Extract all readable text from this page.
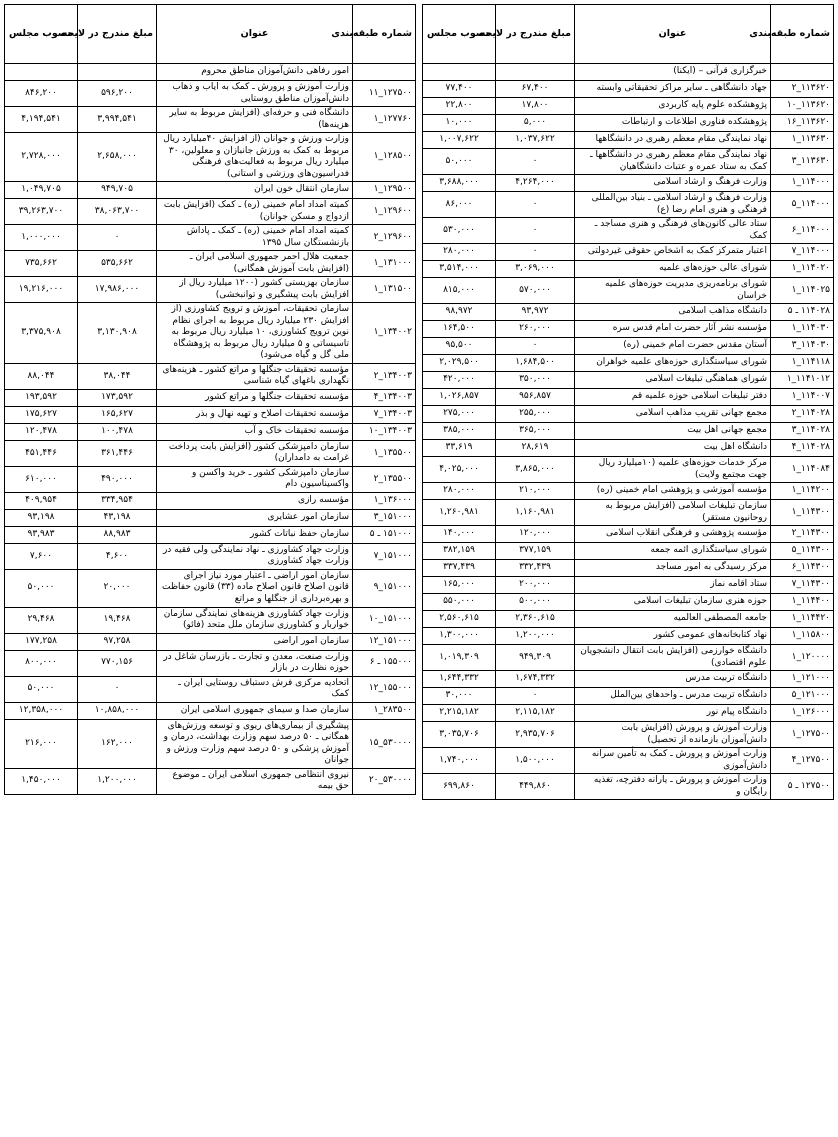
شماره طبقه‌بندی	عنوان	مبلغ مندرج در لایحه	مصوب مجلس
	خبرگزاری قرآنی – (ایکنا)		
۱۱۳۶۲۰_۲	جهاد دانشگاهی ـ سایر مراکز تحقیقاتی وابسته	۶۷,۴۰۰	۷۷,۴۰۰
۱۱۳۶۲۰_۱۰	پژوهشکده علوم پایه کاربردی	۱۷,۸۰۰	۲۲,۸۰۰
۱۱۳۶۲۰_۱۶	پژوهشکده فناوری اطلاعات و ارتباطات	۵,۰۰۰	۱۰,۰۰۰
۱۱۳۶۳۰_۱	نهاد نمایندگی مقام معظم رهبری در دانشگاهها	۱,۰۳۷,۶۲۲	۱,۰۰۷,۶۲۲
۱۱۳۶۳۰_۳	نهاد نمایندگی مقام معظم رهبری در دانشگاهها ـ کمک به ستاد عمره و عتبات دانشگاهیان	۰	۵۰,۰۰۰
۱۱۴۰۰۰_۱	وزارت فرهنگ و ارشاد اسلامی	۴,۲۶۴,۰۰۰	۳,۶۸۸,۰۰۰
۱۱۴۰۰۰_۵	وزارت فرهنگ و ارشاد اسلامی ـ بنیاد بین‌المللی فرهنگی و هنری امام رضا (ع)	۰	۸۶,۰۰۰
۱۱۴۰۰۰_۶	ستاد عالی کانون‌های فرهنگی و هنری مساجد ـ کمک	۰	۵۳۰,۰۰۰
۱۱۴۰۰۰_۷	اعتبار متمرکز کمک به اشخاص حقوقی غیردولتی	۰	۲۸۰,۰۰۰
۱۱۴۰۲۰_۱	شورای عالی حوزه‌های علمیه	۳,۰۶۹,۰۰۰	۳,۵۱۴,۰۰۰
۱۱۴۰۲۵_۱	شورای برنامه‌ریزی مدیریت حوزه‌های علمیه خراسان	۵۷۰,۰۰۰	۸۱۵,۰۰۰
۱۱۴۰۲۸ ـ ۵	دانشگاه مذاهب اسلامی	۹۳,۹۷۲	۹۸,۹۷۲
۱۱۴۰۳۰_۱	مؤسسه نشر آثار حضرت امام قدس سره	۲۶۰,۰۰۰	۱۶۴,۵۰۰
۱۱۴۰۳۰_۳	آستان مقدس حضرت امام خمینی (ره)	۰	۹۵,۵۰۰
۱۱۴۱۱۸_۱	شورای سیاستگذاری حوزه‌های علمیه خواهران	۱,۶۸۴,۵۰۰	۲,۰۲۹,۵۰۰
۱۱۴۱۰۱۲_۱	شورای هماهنگی تبلیغات اسلامی	۳۵۰,۰۰۰	۴۲۰,۰۰۰
۱۱۴۰۰۷_۱	دفتر تبلیغات اسلامی حوزه علمیه قم	۹۵۶,۸۵۷	۱,۰۲۶,۸۵۷
۱۱۴۰۲۸_۲	مجمع جهانی تقریب مذاهب اسلامی	۲۵۵,۰۰۰	۲۷۵,۰۰۰
۱۱۴۰۲۸_۳	مجمع جهانی اهل بیت	۳۶۵,۰۰۰	۳۸۵,۰۰۰
۱۱۴۰۲۸_۴	دانشگاه اهل بیت	۲۸,۶۱۹	۳۳,۶۱۹
۱۱۴۰۸۴_۱	مرکز خدمات حوزه‌های علمیه (۱۰میلیارد ریال جهت مجتمع ولایت)	۳,۸۶۵,۰۰۰	۴,۰۲۵,۰۰۰
۱۱۴۲۰۰_۱	مؤسسه آموزشی و پژوهشی امام خمینی (ره)	۲۱۰,۰۰۰	۲۸۰,۰۰۰
۱۱۴۳۰۰_۱	سازمان تبلیغات اسلامی (افزایش مربوط به روحانیون مستقر)	۱,۱۶۰,۹۸۱	۱,۲۶۰,۹۸۱
۱۱۴۳۰۰_۲	مؤسسه پژوهشی و فرهنگی انقلاب اسلامی	۱۲۰,۰۰۰	۱۴۰,۰۰۰
۱۱۴۳۰۰_۵	شورای سیاستگذاری ائمه جمعه	۳۷۷,۱۵۹	۳۸۲,۱۵۹
۱۱۴۳۰۰_۶	مرکز رسیدگی به امور مساجد	۳۳۲,۴۳۹	۳۳۷,۴۳۹
۱۱۴۳۰۰_۷	ستاد اقامه نماز	۲۰۰,۰۰۰	۱۶۵,۰۰۰
۱۱۴۴۰۰_۱	حوزه هنری سازمان تبلیغات اسلامی	۵۰۰,۰۰۰	۵۵۰,۰۰۰
۱۱۴۴۲۰_۱	جامعه المصطفی العالمیه	۲,۳۶۰,۶۱۵	۲,۵۶۰,۶۱۵
۱۱۵۸۰۰_۱	نهاد کتابخانه‌های عمومی کشور	۱,۲۰۰,۰۰۰	۱,۳۰۰,۰۰۰
۱۲۰۰۰۰_۱	دانشگاه خوارزمی (افزایش بابت انتقال دانشجویان علوم اقتصادی)	۹۴۹,۳۰۹	۱,۰۱۹,۳۰۹
۱۲۱۰۰۰_۱	دانشگاه تربیت مدرس	۱,۶۷۴,۳۳۲	۱,۶۴۴,۳۳۲
۱۲۱۰۰۰_۵	دانشگاه تربیت مدرس ـ واحدهای بین‌الملل	۰	۳۰,۰۰۰
۱۲۶۰۰۰_۱	دانشگاه پیام نور	۲,۱۱۵,۱۸۲	۲,۲۱۵,۱۸۲
۱۲۷۵۰۰_۱	وزارت آموزش و پرورش (افزایش بابت دانش‌آموزان بازمانده از تحصیل)	۲,۹۳۵,۷۰۶	۳,۰۳۵,۷۰۶
۱۲۷۵۰۰_۴	وزارت آموزش و پرورش ـ کمک به تأمین سرانه دانش‌آموزی	۱,۵۰۰,۰۰۰	۱,۷۴۰,۰۰۰
۱۲۷۵۰۰ ـ ۵	وزارت آموزش و پرورش ـ یارانه دفترچه، تغذیه رایگان و	۴۴۹,۸۶۰	۶۹۹,۸۶۰
شماره طبقه‌بندی	عنوان	مبلغ مندرج در لایحه	مصوب مجلس
	امور رفاهی دانش‌آموزان مناطق محروم		
۱۲۷۵۰۰_۱۱	وزارت آموزش و پرورش ـ کمک به ایاب و ذهاب دانش‌آموزان مناطق روستایی	۵۹۶,۲۰۰	۸۴۶,۲۰۰
۱۲۷۷۶۰_۱	دانشگاه فنی و حرفه‌ای (افزایش مربوط به سایر هزینه‌ها)	۳,۹۹۴,۵۴۱	۴,۱۹۴,۵۴۱
۱۲۸۵۰۰_۱	وزارت ورزش و جوانان (از افزایش ۴۰میلیارد ریال مربوط به کمک به ورزش جانبازان و معلولین، ۳۰ میلیارد ریال مربوط به فعالیت‌های فرهنگی فدراسیون‌های ورزشی و استانی)	۲,۶۵۸,۰۰۰	۲,۷۲۸,۰۰۰
۱۲۹۵۰۰_۱	سازمان انتقال خون ایران	۹۴۹,۷۰۵	۱,۰۴۹,۷۰۵
۱۲۹۶۰۰_۱	کمیته امداد امام خمینی (ره) ـ کمک (افزایش بابت ازدواج و مسکن جوانان)	۳۸,۰۶۳,۷۰۰	۳۹,۲۶۳,۷۰۰
۱۲۹۶۰۰_۲	کمیته امداد امام خمینی (ره) ـ کمک ـ پاداش بازنشستگان سال ۱۳۹۵	۰	۱,۰۰۰,۰۰۰
۱۳۱۰۰۰_۱	جمعیت هلال احمر جمهوری اسلامی ایران ـ (افزایش بابت آموزش همگانی)	۵۳۵,۶۶۲	۷۳۵,۶۶۲
۱۳۱۵۰۰_۱	سازمان بهزیستی کشور (۱۲۰۰ میلیارد ریال از افزایش بابت پیشگیری و توانبخشی)	۱۷,۹۸۶,۰۰۰	۱۹,۲۱۶,۰۰۰
۱۳۴۰۰۲_۱	سازمان تحقیقات، آموزش و ترویج کشاورزی (از افزایش ۲۳۰ میلیارد ریال مربوط به اجرای نظام نوین ترویج کشاورزی، ۱۰ میلیارد ریال مربوط به تاسیساتی و ۵ میلیارد ریال مربوط به پژوهشگاه ملی گل و گیاه می‌شود)	۳,۱۳۰,۹۰۸	۳,۳۷۵,۹۰۸
۱۳۴۰۰۳_۲	مؤسسه تحقیقات جنگلها و مراتع کشور ـ هزینه‌های نگهداری باغهای گیاه شناسی	۳۸,۰۴۴	۸۸,۰۴۴
۱۳۴۰۰۳_۴	مؤسسه تحقیقات جنگلها و مراتع کشور	۱۷۳,۵۹۲	۱۹۳,۵۹۲
۱۳۴۰۰۳_۷	مؤسسه تحقیقات اصلاح و تهیه نهال و بذر	۱۶۵,۶۲۷	۱۷۵,۶۲۷
۱۳۴۰۰۳_۱۰	مؤسسه تحقیقات خاک و آب	۱۰۰,۴۷۸	۱۲۰,۴۷۸
۱۳۵۵۰۰_۱	سازمان دامپزشکی کشور (افزایش بابت پرداخت غرامت به دامداران)	۳۶۱,۴۴۶	۴۵۱,۴۴۶
۱۳۵۵۰۰_۲	سازمان دامپزشکی کشور ـ خرید واکسن و واکسیناسیون دام	۴۹۰,۰۰۰	۶۱۰,۰۰۰
۱۳۶۰۰۰_۱	مؤسسه رازی	۳۳۴,۹۵۴	۴۰۹,۹۵۴
۱۵۱۰۰۰_۳	سازمان امور عشایری	۴۳,۱۹۸	۹۳,۱۹۸
۱۵۱۰۰۰ ـ ۵	سازمان حفظ نباتات کشور	۸۸,۹۸۳	۹۳,۹۸۳
۱۵۱۰۰۰_۷	وزارت جهاد کشاورزی ـ نهاد نمایندگی ولی فقیه در وزارت جهاد کشاورزی	۴,۶۰۰	۷,۶۰۰
۱۵۱۰۰۰_۹	سازمان امور اراضی ـ اعتبار مورد نیاز اجرای قانون اصلاح قانون اصلاح ماده (۳۳) قانون حفاظت و بهره‌برداری از جنگلها و مراتع	۲۰,۰۰۰	۵۰,۰۰۰
۱۵۱۰۰۰_۱۰	وزارت جهاد کشاورزی هزینه‌های نمایندگی سازمان خواربار و کشاورزی سازمان ملل متحد (فائو)	۱۹,۴۶۸	۲۹,۴۶۸
۱۵۱۰۰۰_۱۲	سازمان امور اراضی	۹۷,۲۵۸	۱۷۷,۲۵۸
۱۵۵۰۰۰ ـ ۶	وزارت صنعت، معدن و تجارت ـ بازرسان شاغل در حوزه نظارت در بازار	۷۷۰,۱۵۶	۸۰۰,۰۰۰
۱۵۵۰۰۰_۱۲	اتحادیه مرکزی فرش دستباف روستایی ایران ـ کمک	۰	۵۰,۰۰۰
۲۸۳۵۰۰_۱	سازمان صدا و سیمای جمهوری اسلامی ایران	۱۰,۸۵۸,۰۰۰	۱۲,۳۵۸,۰۰۰
۵۳۰۰۰۰_۱۵	پیشگیری از بیماری‌های ریوی و توسعه ورزش‌های همگانی ـ ۵۰ درصد سهم وزارت بهداشت، درمان و آموزش پزشکی و ۵۰ درصد سهم وزارت ورزش و جوانان	۱۶۲,۰۰۰	۲۱۶,۰۰۰
۵۳۰۰۰۰_۲۰	نیروی انتظامی جمهوری اسلامی ایران ـ موضوع حق بیمه	۱,۲۰۰,۰۰۰	۱,۴۵۰,۰۰۰
